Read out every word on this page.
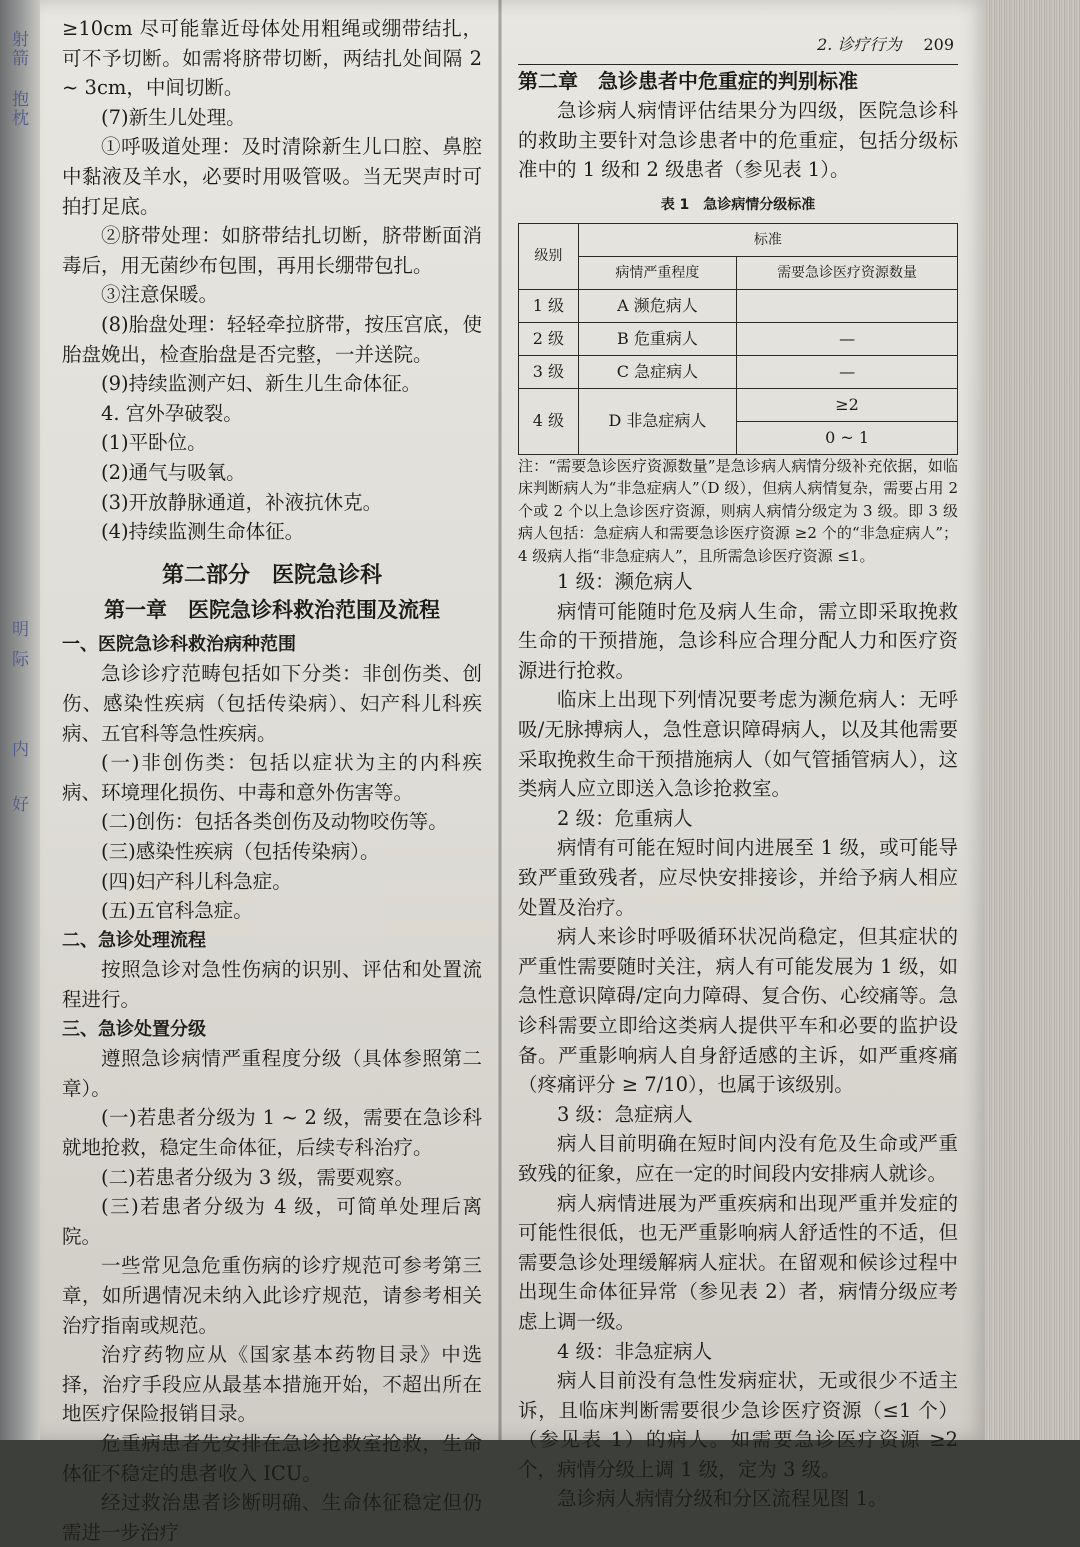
射箭
抱枕
明
际
内
好

≥10cm 尽可能靠近母体处用粗绳或绷带结扎，可不予切断。如需将脐带切断，两结扎处间隔 2 ~ 3cm，中间切断。

(7)新生儿处理。

①呼吸道处理：及时清除新生儿口腔、鼻腔中黏液及羊水，必要时用吸管吸。当无哭声时可拍打足底。

②脐带处理：如脐带结扎切断，脐带断面消毒后，用无菌纱布包围，再用长绷带包扎。

③注意保暖。

(8)胎盘处理：轻轻牵拉脐带，按压宫底，使胎盘娩出，检查胎盘是否完整，一并送院。

(9)持续监测产妇、新生儿生命体征。

4. 宫外孕破裂。

(1)平卧位。

(2)通气与吸氧。

(3)开放静脉通道，补液抗休克。

(4)持续监测生命体征。

第二部分　医院急诊科

第一章　医院急诊科救治范围及流程

一、医院急诊科救治病种范围

急诊诊疗范畴包括如下分类：非创伤类、创伤、感染性疾病（包括传染病）、妇产科儿科疾病、五官科等急性疾病。

(一)非创伤类：包括以症状为主的内科疾病、环境理化损伤、中毒和意外伤害等。

(二)创伤：包括各类创伤及动物咬伤等。

(三)感染性疾病（包括传染病）。

(四)妇产科儿科急症。

(五)五官科急症。

二、急诊处理流程

按照急诊对急性伤病的识别、评估和处置流程进行。

三、急诊处置分级

遵照急诊病情严重程度分级（具体参照第二章）。

(一)若患者分级为 1 ~ 2 级，需要在急诊科就地抢救，稳定生命体征，后续专科治疗。

(二)若患者分级为 3 级，需要观察。

(三)若患者分级为 4 级，可简单处理后离院。

一些常见急危重伤病的诊疗规范可参考第三章，如所遇情况未纳入此诊疗规范，请参考相关治疗指南或规范。

治疗药物应从《国家基本药物目录》中选择，治疗手段应从最基本措施开始，不超出所在地医疗保险报销目录。

危重病患者先安排在急诊抢救室抢救，生命体征不稳定的患者收入 ICU。

经过救治患者诊断明确、生命体征稳定但仍需进一步治疗

2. 诊疗行为 209

第二章　急诊患者中危重症的判别标准

急诊病人病情评估结果分为四级，医院急诊科的救助主要针对急诊患者中的危重症，包括分级标准中的 1 级和 2 级患者（参见表 1）。

表 1　急诊病情分级标准

级别	标准	
	病情严重程度	需要急诊医疗资源数量
1 级	A 濒危病人	
2 级	B 危重病人	—
3 级	C 急症病人	—
4 级	D 非急症病人	≥2
		0 ~ 1

注：“需要急诊医疗资源数量”是急诊病人病情分级补充依据，如临床判断病人为“非急症病人”（D 级），但病人病情复杂，需要占用 2 个或 2 个以上急诊医疗资源，则病人病情分级定为 3 级。即 3 级病人包括：急症病人和需要急诊医疗资源 ≥2 个的“非急症病人”；4 级病人指“非急症病人”，且所需急诊医疗资源 ≤1。

1 级：濒危病人

病情可能随时危及病人生命，需立即采取挽救生命的干预措施，急诊科应合理分配人力和医疗资源进行抢救。

临床上出现下列情况要考虑为濒危病人：无呼吸/无脉搏病人，急性意识障碍病人，以及其他需要采取挽救生命干预措施病人（如气管插管病人），这类病人应立即送入急诊抢救室。

2 级：危重病人

病情有可能在短时间内进展至 1 级，或可能导致严重致残者，应尽快安排接诊，并给予病人相应处置及治疗。

病人来诊时呼吸循环状况尚稳定，但其症状的严重性需要随时关注，病人有可能发展为 1 级，如急性意识障碍/定向力障碍、复合伤、心绞痛等。急诊科需要立即给这类病人提供平车和必要的监护设备。严重影响病人自身舒适感的主诉，如严重疼痛（疼痛评分 ≥ 7/10），也属于该级别。

3 级：急症病人

病人目前明确在短时间内没有危及生命或严重致残的征象，应在一定的时间段内安排病人就诊。

病人病情进展为严重疾病和出现严重并发症的可能性很低，也无严重影响病人舒适性的不适，但需要急诊处理缓解病人症状。在留观和候诊过程中出现生命体征异常（参见表 2）者，病情分级应考虑上调一级。

4 级：非急症病人

病人目前没有急性发病症状，无或很少不适主诉，且临床判断需要很少急诊医疗资源（≤1 个）（参见表 1）的病人。如需要急诊医疗资源 ≥2 个，病情分级上调 1 级，定为 3 级。

急诊病人病情分级和分区流程见图 1。
